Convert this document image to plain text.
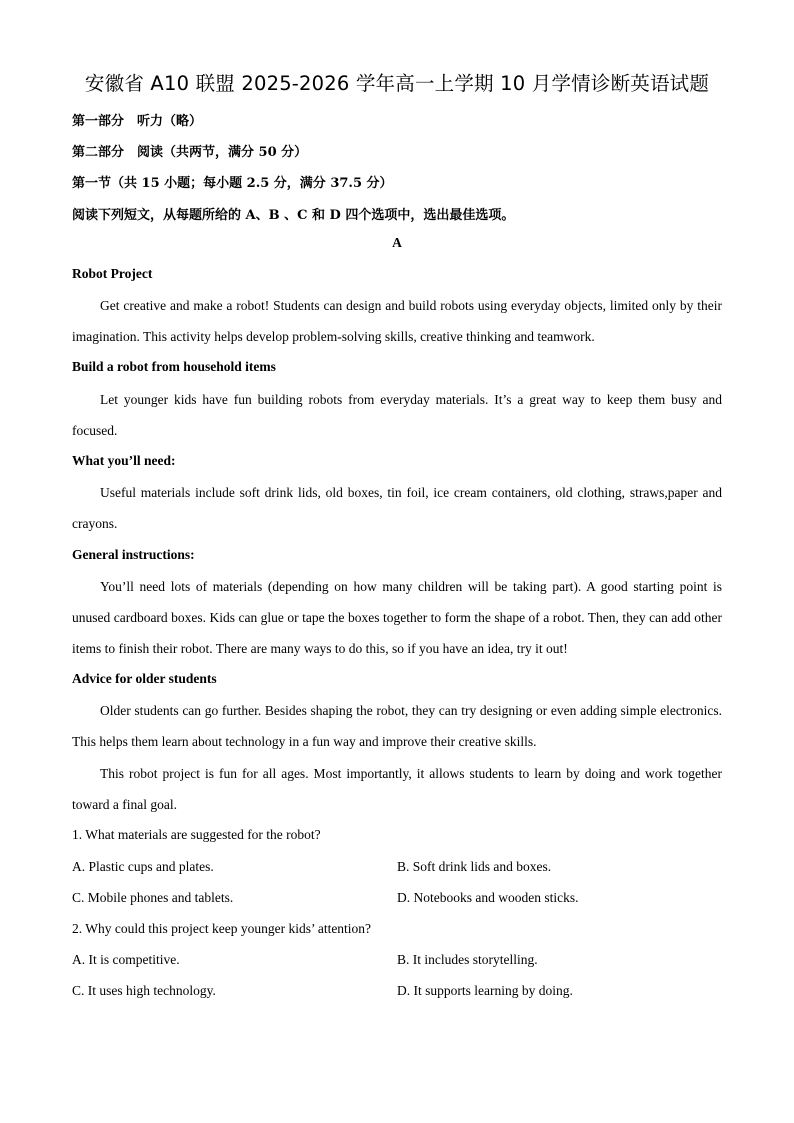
安徽省 A10 联盟 2025-2026 学年高一上学期 10 月学情诊断英语试题
第一部分　听力（略）
第二部分　阅读（共两节，满分 50 分）
第一节（共 15 小题；每小题 2.5 分，满分 37.5 分）
阅读下列短文，从每题所给的 A、B 、C 和 D 四个选项中，选出最佳选项。
A
Robot Project
Get creative and make a robot! Students can design and build robots using everyday objects, limited only by their imagination. This activity helps develop problem-solving skills, creative thinking and teamwork.
Build a robot from household items
Let younger kids have fun building robots from everyday materials. It’s a great way to keep them busy and focused.
What you’ll need:
Useful materials include soft drink lids, old boxes, tin foil, ice cream containers, old clothing, straws,paper and crayons.
General instructions:
You’ll need lots of materials (depending on how many children will be taking part). A good starting point is unused cardboard boxes. Kids can glue or tape the boxes together to form the shape of a robot. Then, they can add other items to finish their robot. There are many ways to do this, so if you have an idea, try it out!
Advice for older students
Older students can go further. Besides shaping the robot, they can try designing or even adding simple electronics. This helps them learn about technology in a fun way and improve their creative skills.
This robot project is fun for all ages. Most importantly, it allows students to learn by doing and work together toward a final goal.
1. What materials are suggested for the robot?
A. Plastic cups and plates.	B. Soft drink lids and boxes.
C. Mobile phones and tablets.	D. Notebooks and wooden sticks.
2. Why could this project keep younger kids’ attention?
A. It is competitive.	B. It includes storytelling.
C. It uses high technology.	D. It supports learning by doing.
